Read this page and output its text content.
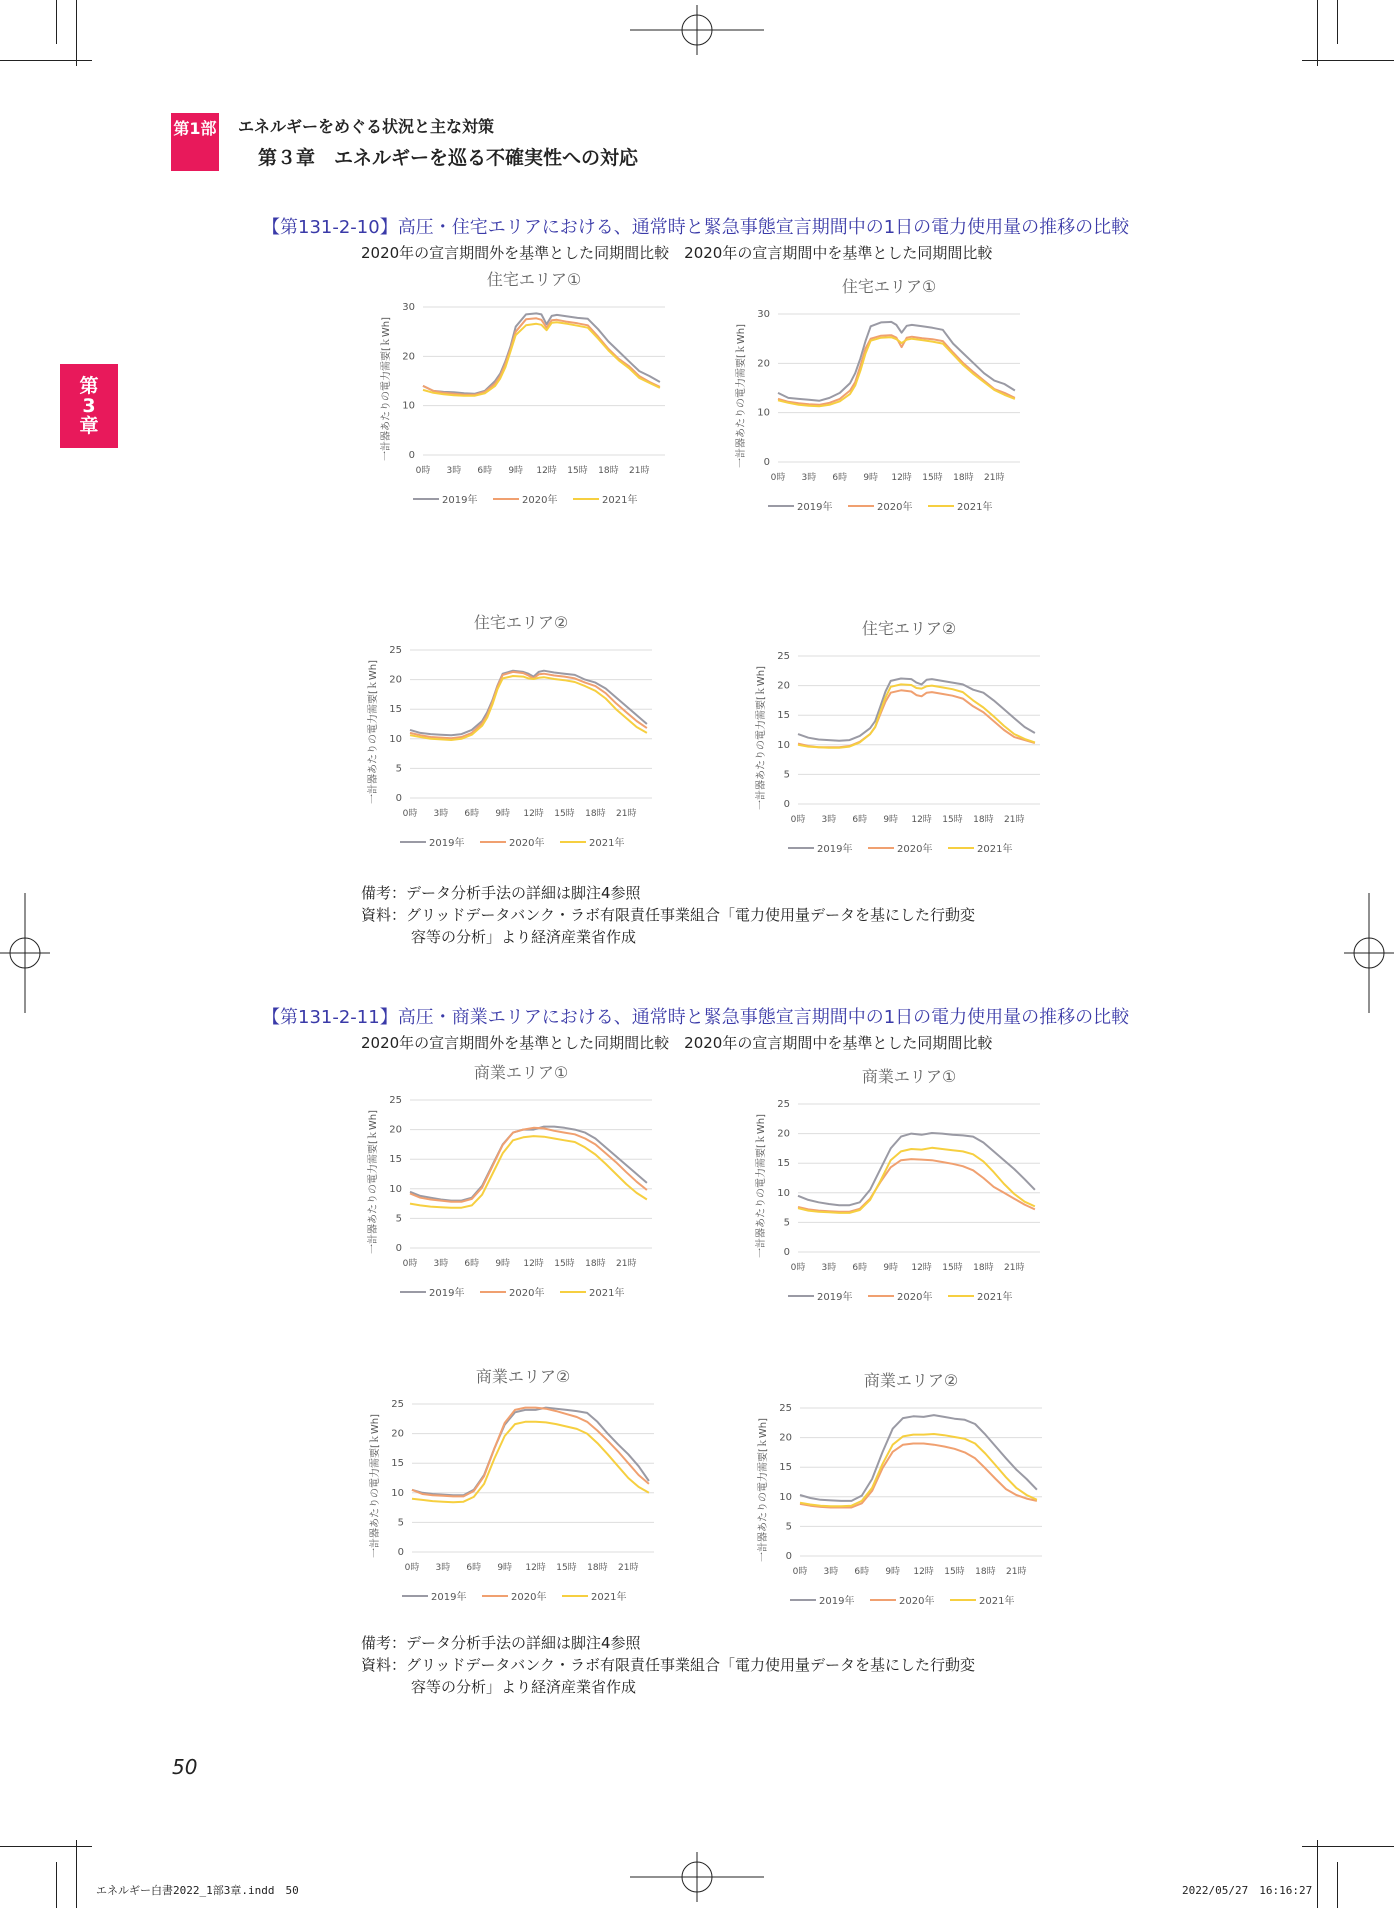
第1部 エネルギーをめぐる状況と主な対策
第３章　エネルギーを巡る不確実性への対応
第
3
章
【第131-2-10】高圧・住宅エリアにおける、通常時と緊急事態宣言期間中の1日の電力使用量の推移の比較
2020年の宣言期間外を基準とした同期間比較　2020年の宣言期間中を基準とした同期間比較
住宅エリア①
0
10
20
30
0時 3時 6時 9時 12時 15時 18時 21時
一計器あたりの電力需要[ｋWh]
2019年	2020年	2021年
住宅エリア①
0
10
20
30
0時 3時 6時 9時 12時 15時 18時 21時
一計器あたりの電力需要[ｋWh]
2019年	2020年	2021年
住宅エリア②
0
5
10
15
20
25
0時 3時 6時 9時 12時 15時 18時 21時
一計器あたりの電力需要[ｋWh]
2019年	2020年	2021年
住宅エリア②
0
5
10
15
20
25
0時 3時 6時 9時 12時 15時 18時 21時
一計器あたりの電力需要[ｋWh]
2019年	2020年	2021年
備考：データ分析手法の詳細は脚注4参照
資料：グリッドデータバンク・ラボ有限責任事業組合「電力使用量データを基にした行動変
容等の分析」より経済産業省作成
【第131-2-11】高圧・商業エリアにおける、通常時と緊急事態宣言期間中の1日の電力使用量の推移の比較
2020年の宣言期間外を基準とした同期間比較　2020年の宣言期間中を基準とした同期間比較
商業エリア①
0
5
10
15
20
25
0時 3時 6時 9時 12時 15時 18時 21時
一計器あたりの電力需要[ｋWh]
2019年	2020年	2021年
商業エリア①
0
5
10
15
20
25
0時 3時 6時 9時 12時 15時 18時 21時
一計器あたりの電力需要[ｋWh]
2019年	2020年	2021年
商業エリア②
0
5
10
15
20
25
0時 3時 6時 9時 12時 15時 18時 21時
一計器あたりの電力需要[ｋWh]
2019年	2020年	2021年
商業エリア②
0
5
10
15
20
25
0時 3時 6時 9時 12時 15時 18時 21時
一計器あたりの電力需要[ｋWh]
2019年	2020年	2021年
備考：データ分析手法の詳細は脚注4参照
資料：グリッドデータバンク・ラボ有限責任事業組合「電力使用量データを基にした行動変
容等の分析」より経済産業省作成
50
エネルギー白書2022_1部3章.indd　50	2022/05/27　16:16:27
